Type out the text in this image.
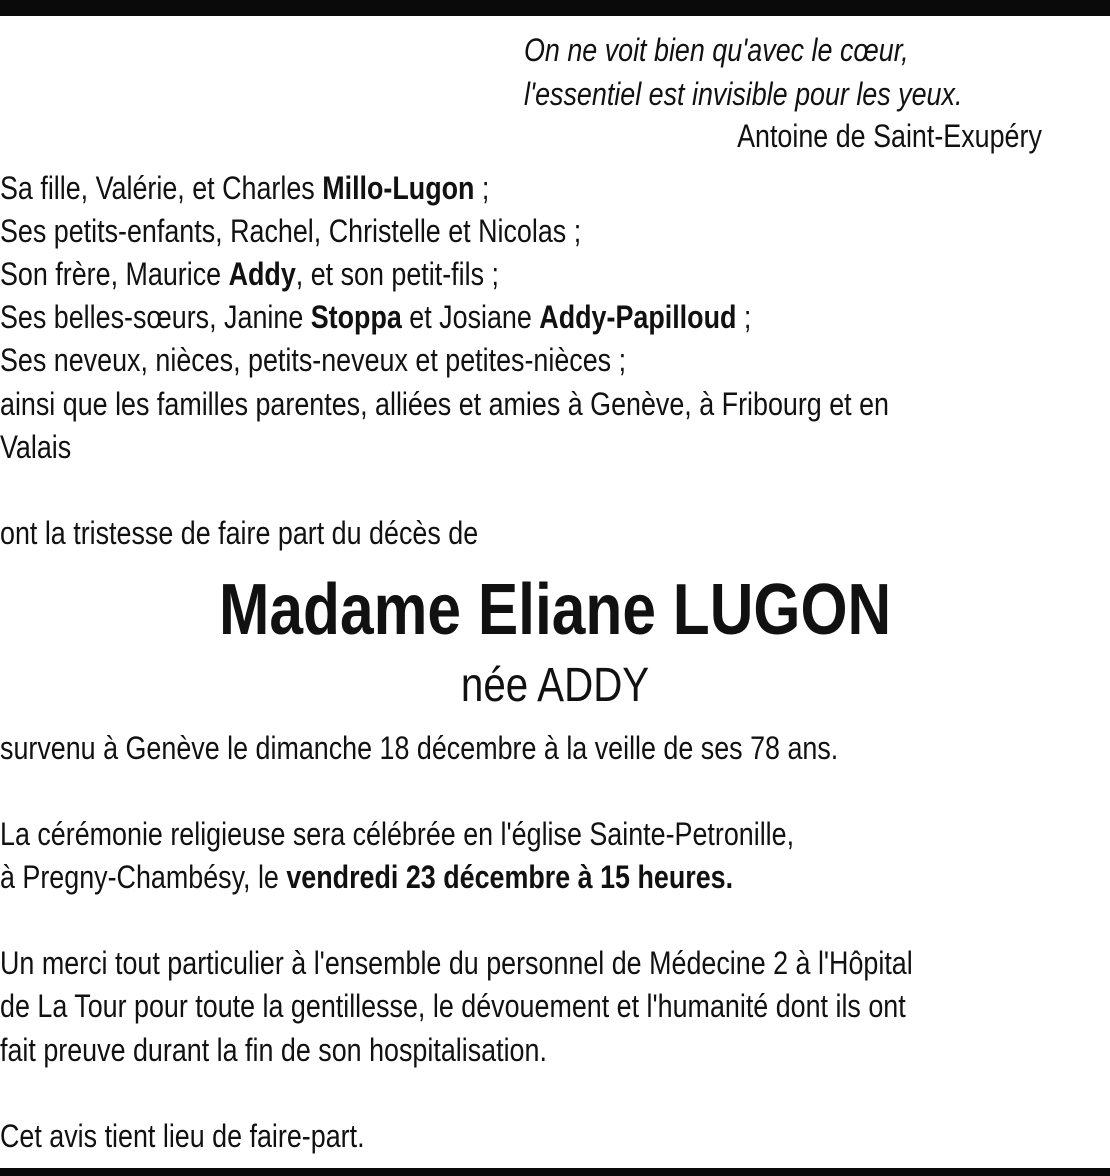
On ne voit bien qu'avec le cœur,
l'essentiel est invisible pour les yeux.
Antoine de Saint-Exupéry
Sa fille, Valérie, et Charles Millo-Lugon ;
Ses petits-enfants, Rachel, Christelle et Nicolas ;
Son frère, Maurice Addy, et son petit-fils ;
Ses belles-sœurs, Janine Stoppa et Josiane Addy-Papilloud ;
Ses neveux, nièces, petits-neveux et petites-nièces ;
ainsi que les familles parentes, alliées et amies à Genève, à Fribourg et en
Valais
ont la tristesse de faire part du décès de
Madame Eliane LUGON
née ADDY
survenu à Genève le dimanche 18 décembre à la veille de ses 78 ans.
La cérémonie religieuse sera célébrée en l'église Sainte-Petronille,
à Pregny-Chambésy, le vendredi 23 décembre à 15 heures.
Un merci tout particulier à l'ensemble du personnel de Médecine 2 à l'Hôpital
de La Tour pour toute la gentillesse, le dévouement et l'humanité dont ils ont
fait preuve durant la fin de son hospitalisation.
Cet avis tient lieu de faire-part.
